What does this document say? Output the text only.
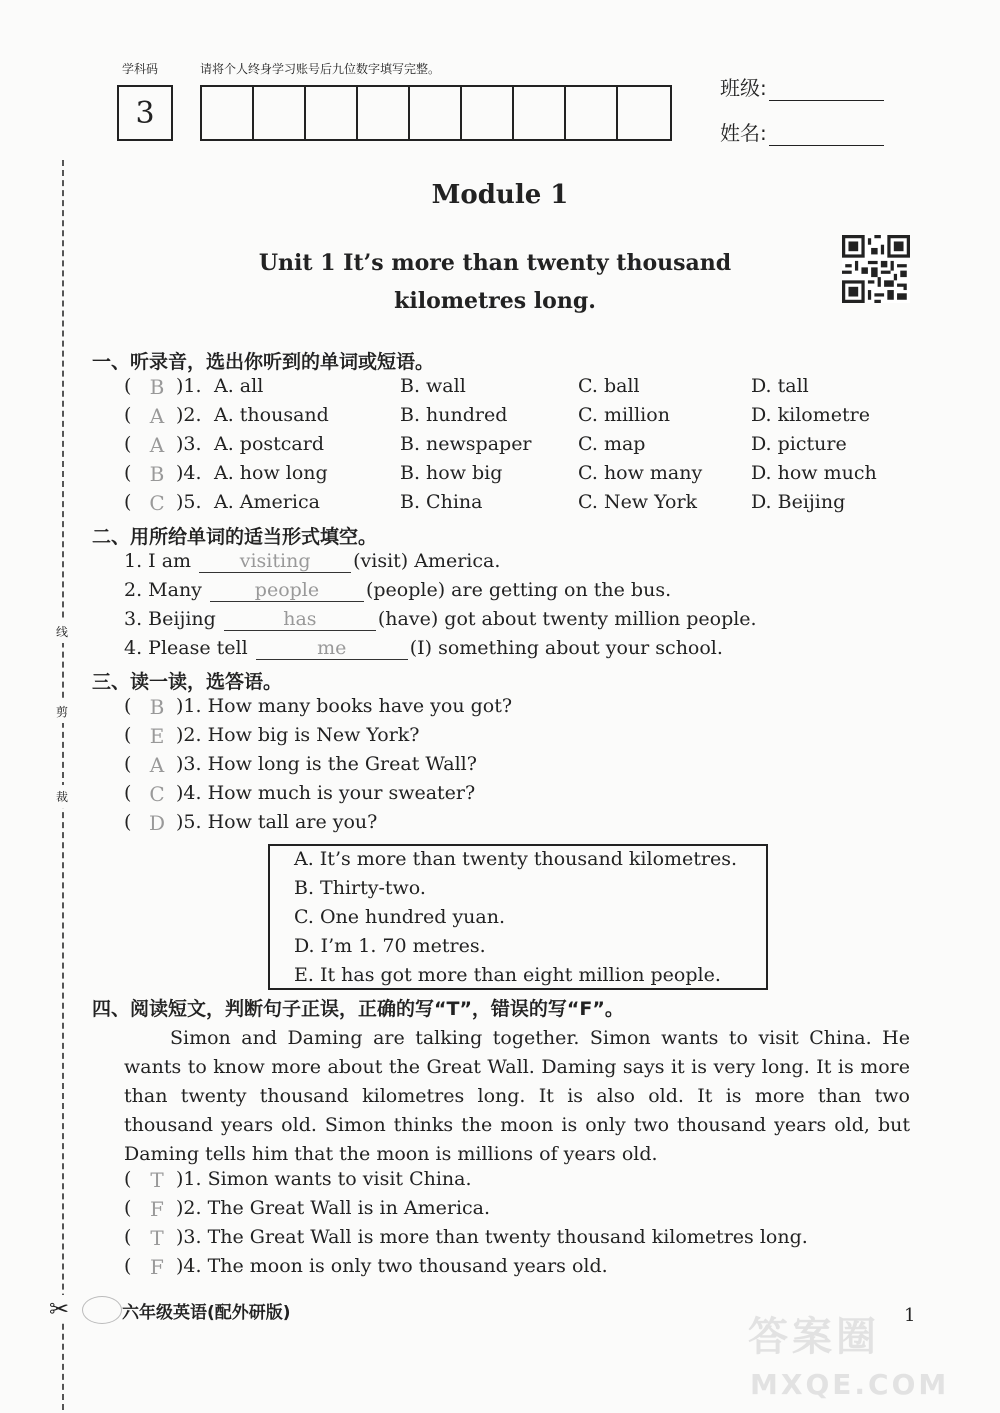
学科码
3
请将个人终身学习账号后九位数字填写完整。
班级:
姓名:
线
剪
裁
✂
Module 1
Unit 1 It’s more than twenty thousand
kilometres long.
一、听录音，选出你听到的单词或短语。
( B )1. A. all	B. wall	C. ball	D. tall
( A )2. A. thousand	B. hundred	C. million	D. kilometre
( A )3. A. postcard	B. newspaper C. map	D. picture
( B )4. A. how long	B. how big	C. how many	D. how much
( C )5. A. America	B. China	C. New York	D. Beijing
二、用所给单词的适当形式填空。
1. I am	visiting (visit) America.
2. Many	people (people) are getting on the bus.
3. Beijing	has	(have) got about twenty million people.
4. Please tell	me	(I) something about your school.
三、读一读，选答语。
( B )1. How many books have you got?
( E )2. How big is New York?
( A )3. How long is the Great Wall?
( C )4. How much is your sweater?
( D )5. How tall are you?
A. It’s more than twenty thousand kilometres.
B. Thirty-two.
C. One hundred yuan.
D. I’m 1. 70 metres.
E. It has got more than eight million people.
四、阅读短文，判断句子正误，正确的写“T”，错误的写“F”。
Simon and Daming are talking together. Simon wants to visit China. He wants to know more about the Great Wall. Daming says it is very long. It is more than twenty thousand kilometres long. It is also old. It is more than two thousand years old. Simon thinks the moon is only two thousand years old, but Daming tells him that the moon is millions of years old.
( T )1. Simon wants to visit China.
( F )2. The Great Wall is in America.
( T )3. The Great Wall is more than twenty thousand kilometres long.
( F )4. The moon is only two thousand years old.
六年级英语(配外研版)
答案圈
MXQE.COM
1
